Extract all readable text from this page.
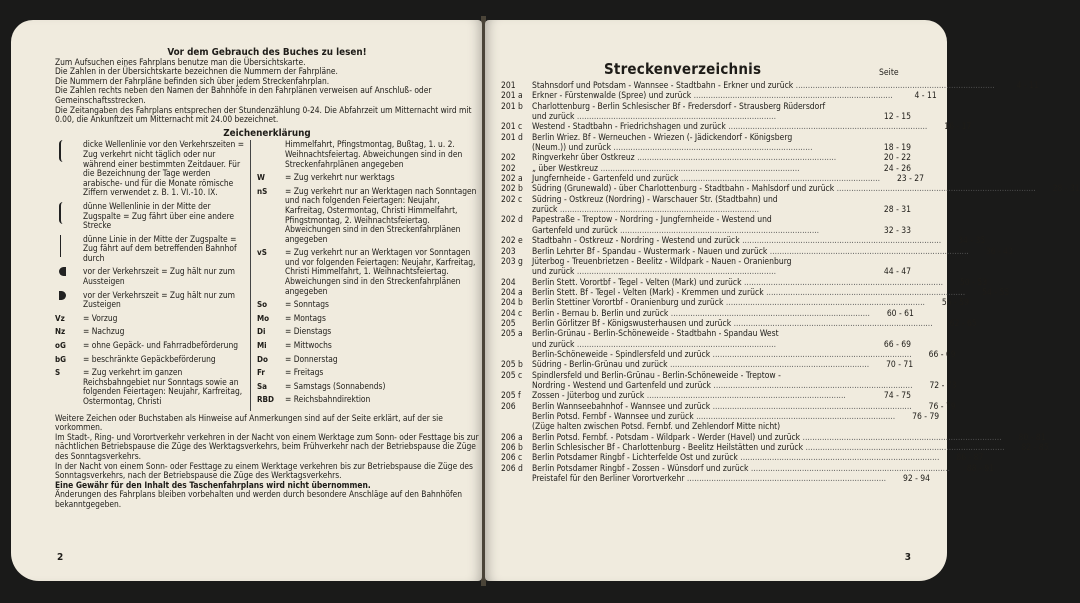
Vor dem Gebrauch des Buches zu lesen!

Zum Aufsuchen eines Fahrplans benutze man die Übersichtskarte.

Die Zahlen in der Übersichtskarte bezeichnen die Nummern der Fahrpläne.

Die Nummern der Fahrpläne befinden sich über jedem Streckenfahrplan.

Die Zahlen rechts neben den Namen der Bahnhöfe in den Fahrplänen verweisen auf Anschluß- oder Gemeinschaftsstrecken.

Die Zeitangaben des Fahrplans entsprechen der Stundenzählung 0-24. Die Abfahrzeit um Mitternacht wird mit 0.00, die Ankunftzeit um Mitternacht mit 24.00 bezeichnet.

Zeichenerklärung

dicke Wellenlinie vor den Verkehrszeiten = Zug verkehrt nicht täglich oder nur während einer bestimmten Zeitdauer. Für die Bezeichnung der Tage werden arabische- und für die Monate römische Ziffern verwendet z. B. 1. VI.-10. IX.
dünne Wellenlinie in der Mitte der Zugspalte = Zug fährt über eine andere Strecke
dünne Linie in der Mitte der Zugspalte = Zug fährt auf dem betreffenden Bahnhof durch
vor der Verkehrszeit = Zug hält nur zum Aussteigen
vor der Verkehrszeit = Zug hält nur zum Zusteigen
Vz	= Vorzug
Nz	= Nachzug
oG	= ohne Gepäck- und Fahrradbeförderung
bG	= beschränkte Gepäckbeförderung
S	= Zug verkehrt im ganzen Reichsbahngebiet nur Sonntags sowie an folgenden Feiertagen: Neujahr, Karfreitag, Ostermontag, Christi
Himmelfahrt, Pfingstmontag, Bußtag, 1. u. 2. Weihnachtsfeiertag. Abweichungen sind in den Streckenfahrplänen angegeben
W	= Zug verkehrt nur werktags
nS	= Zug verkehrt nur an Werktagen nach Sonntagen und nach folgenden Feiertagen: Neujahr, Karfreitag, Ostermontag, Christi Himmelfahrt, Pfingstmontag, 2. Weihnachtsfeiertag. Abweichungen sind in den Streckenfahrplänen angegeben
vS	= Zug verkehrt nur an Werktagen vor Sonntagen und vor folgenden Feiertagen: Neujahr, Karfreitag, Christi Himmelfahrt, 1. Weihnachtsfeiertag. Abweichungen sind in den Streckenfahrplänen angegeben
So	= Sonntags
Mo	= Montags
Di	= Dienstags
Mi	= Mittwochs
Do	= Donnerstag
Fr	= Freitags
Sa	= Samstags (Sonnabends)
RBD	= Reichsbahndirektion

Weitere Zeichen oder Buchstaben als Hinweise auf Anmerkungen sind auf der Seite erklärt, auf der sie vorkommen.

Im Stadt-, Ring- und Vorortverkehr verkehren in der Nacht von einem Werktage zum Sonn- oder Festtage bis zur nächtlichen Betriebspause die Züge des Werktagsverkehrs, beim Frühverkehr nach der Betriebspause die Züge des Sonntagsverkehrs.

In der Nacht von einem Sonn- oder Festtage zu einem Werktage verkehren bis zur Betriebspause die Züge des Sonntagsverkehrs, nach der Betriebspause die Züge des Werktagsverkehrs.

Eine Gewähr für den Inhalt des Taschenfahrplans wird nicht übernommen.

Änderungen des Fahrplans bleiben vorbehalten und werden durch besondere Anschläge auf den Bahnhöfen bekanntgegeben.

2
Streckenverzeichnis	Seite
201	Stahnsdorf und Potsdam - Wannsee - Stadtbahn - Erkner und zurück ..................................................................................	4 - 11
201 a	Erkner - Fürstenwalde (Spree) und zurück ..................................................................................	4 - 11
201 b	Charlottenburg - Berlin Schlesischer Bf - Fredersdorf - Strausberg Rüdersdorf
und zurück ..................................................................................	12 - 15
201 c	Westend - Stadtbahn - Friedrichshagen und zurück ..................................................................................	16 - 17
201 d	Berlin Wriez. Bf - Werneuchen - Wriezen (- Jädickendorf - Königsberg
(Neum.)) und zurück ..................................................................................	18 - 19
202	Ringverkehr über Ostkreuz ..................................................................................	20 - 22
202	„ über Westkreuz ..................................................................................	24 - 26
202 a	Jungfernheide - Gartenfeld und zurück ..................................................................................	23 - 27
202 b	Südring (Grunewald) - über Charlottenburg - Stadtbahn - Mahlsdorf und zurück ..................................................................................	28 - 31
202 c	Südring - Ostkreuz (Nordring) - Warschauer Str. (Stadtbahn) und
zurück ..................................................................................	28 - 31
202 d	Papestraße - Treptow - Nordring - Jungfernheide - Westend und
Gartenfeld und zurück ..................................................................................	32 - 33
202 e	Stadtbahn - Ostkreuz - Nordring - Westend und zurück ..................................................................................	34 - 35
203	Berlin Lehrter Bf - Spandau - Wustermark - Nauen und zurück ..................................................................................	36 - 43
203 g	Jüterbog - Treuenbrietzen - Beelitz - Wildpark - Nauen - Oranienburg
und zurück ..................................................................................	44 - 47
204	Berlin Stett. Vorortbf - Tegel - Velten (Mark) und zurück ..................................................................................	50 - 53
204 a	Berlin Stett. Bf - Tegel - Velten (Mark) - Kremmen und zurück ..................................................................................	54 - 55
204 b	Berlin Stettiner Vorortbf - Oranienburg und zurück ..................................................................................	56 - 59
204 c	Berlin - Bernau b. Berlin und zurück ..................................................................................	60 - 61
205	Berlin Görlitzer Bf - Königswusterhausen und zurück ..................................................................................	62 - 65
205 a	Berlin-Grünau - Berlin-Schöneweide - Stadtbahn - Spandau West
und zurück ..................................................................................	66 - 69
Berlin-Schöneweide - Spindlersfeld und zurück ..................................................................................	66 - 69
205 b	Südring - Berlin-Grünau und zurück ..................................................................................	70 - 71
205 c	Spindlersfeld und Berlin-Grünau - Berlin-Schöneweide - Treptow -
Nordring - Westend und Gartenfeld und zurück ..................................................................................	72 - 73
205 f	Zossen - Jüterbog und zurück ..................................................................................	74 - 75
206	Berlin Wannseebahnhof - Wannsee und zurück ..................................................................................	76 - 79
Berlin Potsd. Fernbf - Wannsee und zurück ..................................................................................	76 - 79
(Züge halten zwischen Potsd. Fernbf. und Zehlendorf Mitte nicht)
206 a	Berlin Potsd. Fernbf. - Potsdam - Wildpark - Werder (Havel) und zurück ..................................................................................	80 - 81
206 b	Berlin Schlesischer Bf - Charlottenburg - Beelitz Heilstätten und zurück ..................................................................................	82 - 85
206 c	Berlin Potsdamer Ringbf - Lichterfelde Ost und zurück ..................................................................................	86 - 87
206 d	Berlin Potsdamer Ringbf - Zossen - Wünsdorf und zurück ..................................................................................	88 - 91
Preistafel für den Berliner Vorortverkehr ..................................................................................	92 - 94
3
